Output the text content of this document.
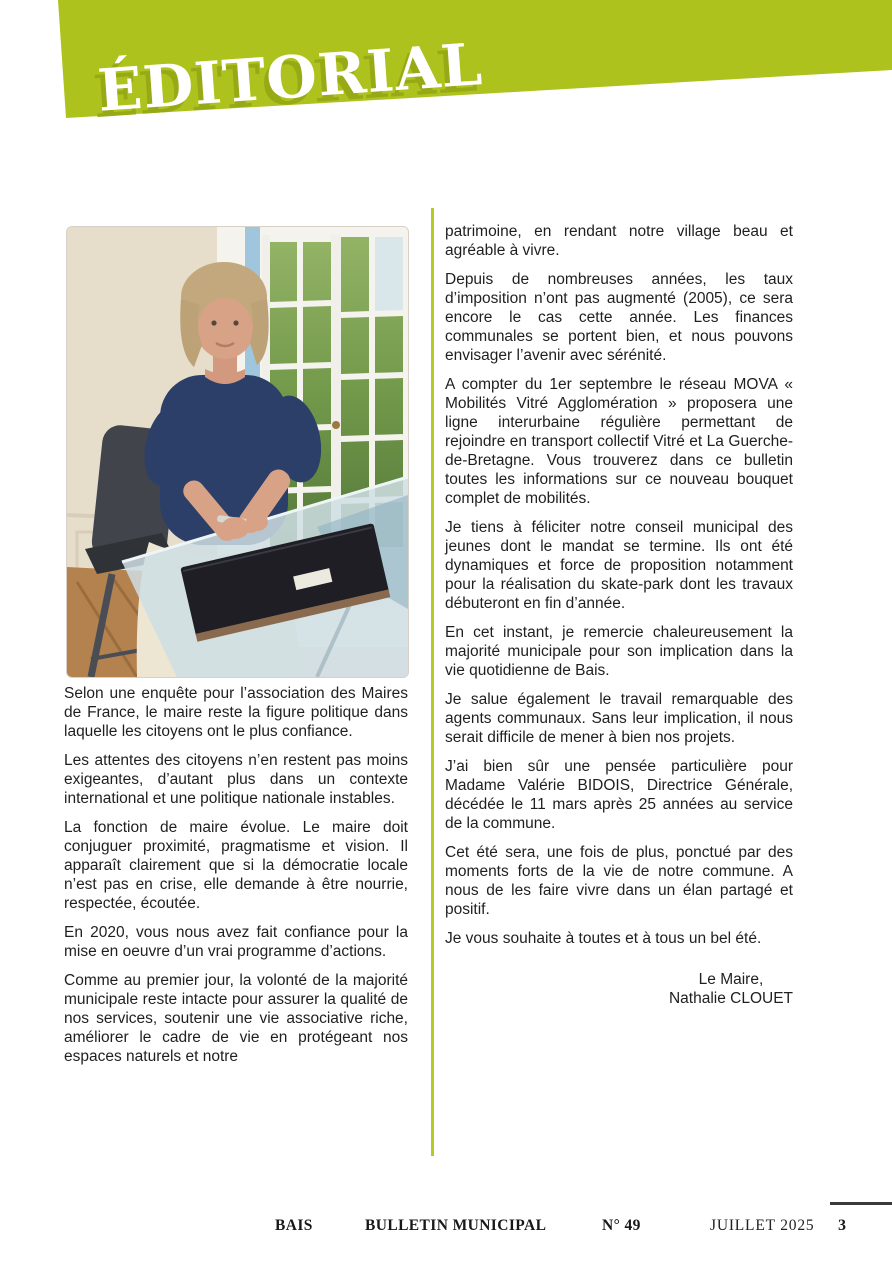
ÉDITORIAL

Selon une enquête pour l’association des Maires de France, le maire reste la figure politique dans laquelle les citoyens ont le plus confiance.

Les attentes des citoyens n’en restent pas moins exigeantes, d’autant plus dans un contexte international et une politique nationale instables.

La fonction de maire évolue. Le maire doit conjuguer proximité, pragmatisme et vision. Il apparaît clairement que si la démocratie locale n’est pas en crise, elle demande à être nourrie, respectée, écoutée.

En 2020, vous nous avez fait confiance pour la mise en oeuvre d’un vrai programme d’actions.

Comme au premier jour, la volonté de la majorité municipale reste intacte pour assurer la qualité de nos services, soutenir une vie associative riche, améliorer le cadre de vie en protégeant nos espaces naturels et notre

patrimoine, en rendant notre village beau et agréable à vivre.

Depuis de nombreuses années, les taux d’imposition n’ont pas augmenté (2005), ce sera encore le cas cette année. Les finances communales se portent bien, et nous pouvons envisager l’avenir avec sérénité.

A compter du 1er septembre le réseau MOVA « Mobilités Vitré Agglomération » proposera une ligne interurbaine régulière permettant de rejoindre en transport collectif Vitré et La Guerche-de-Bretagne. Vous trouverez dans ce bulletin toutes les informations sur ce nouveau bouquet complet de mobilités.

Je tiens à féliciter notre conseil municipal des jeunes dont le mandat se termine. Ils ont été dynamiques et force de proposition notamment pour la réalisation du skate-park dont les travaux débuteront en fin d’année.

En cet instant, je remercie chaleureusement la majorité municipale pour son implication dans la vie quotidienne de Bais.

Je salue également le travail remarquable des agents communaux. Sans leur implication, il nous serait difficile de mener à bien nos projets.

J’ai bien sûr une pensée particulière pour Madame Valérie BIDOIS, Directrice Générale, décédée le 11 mars après 25 années au service de la commune.

Cet été sera, une fois de plus, ponctué par des moments forts de la vie de notre commune. A nous de les faire vivre dans un élan partagé et positif.

Je vous souhaite à toutes et à tous un bel été.

Le Maire,

Nathalie CLOUET

BAIS	BULLETIN MUNICIPAL	N° 49	JUILLET 2025 3
